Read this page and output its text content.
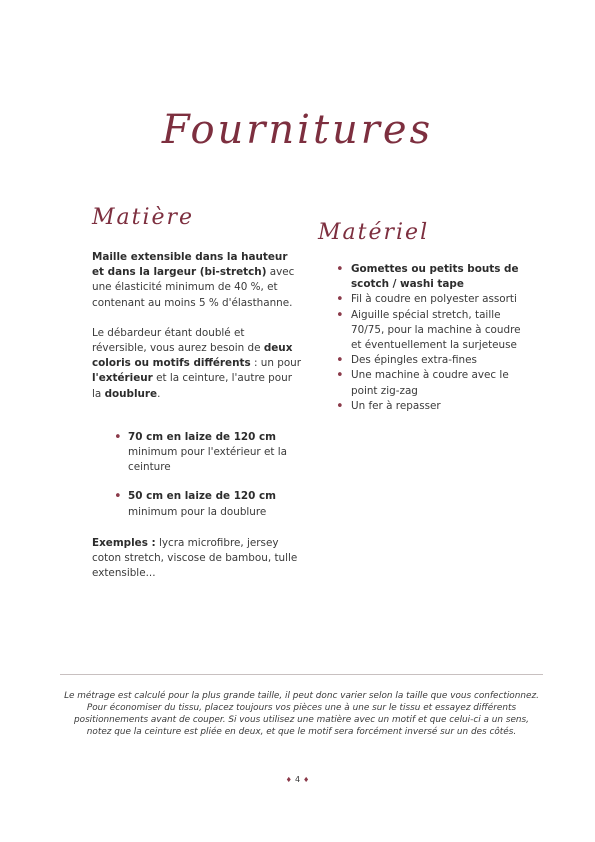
Fournitures
Matière
Matériel

Maille extensible dans la hauteur et dans la largeur (bi-stretch) avec une élasticité minimum de 40 %, et contenant au moins 5 % d'élasthanne.

Le débardeur étant doublé et réversible, vous aurez besoin de deux coloris ou motifs différents : un pour l'extérieur et la ceinture, l'autre pour la doublure.

• 70 cm en laize de 120 cm
minimum pour l'extérieur et la ceinture
• 50 cm en laize de 120 cm
minimum pour la doublure

Exemples : lycra microfibre, jersey coton stretch, viscose de bambou, tulle extensible...

• Gomettes ou petits bouts de scotch / washi tape
• Fil à coudre en polyester assorti
• Aiguille spécial stretch, taille 70/75, pour la machine à coudre et éventuellement la surjeteuse
• Des épingles extra-fines
• Une machine à coudre avec le point zig-zag
• Un fer à repasser

Le métrage est calculé pour la plus grande taille, il peut donc varier selon la taille que vous confectionnez. Pour économiser du tissu, placez toujours vos pièces une à une sur le tissu et essayez différents positionnements avant de couper. Si vous utilisez une matière avec un motif et que celui-ci a un sens, notez que la ceinture est pliée en deux, et que le motif sera forcément inversé sur un des côtés.

♦ 4 ♦
